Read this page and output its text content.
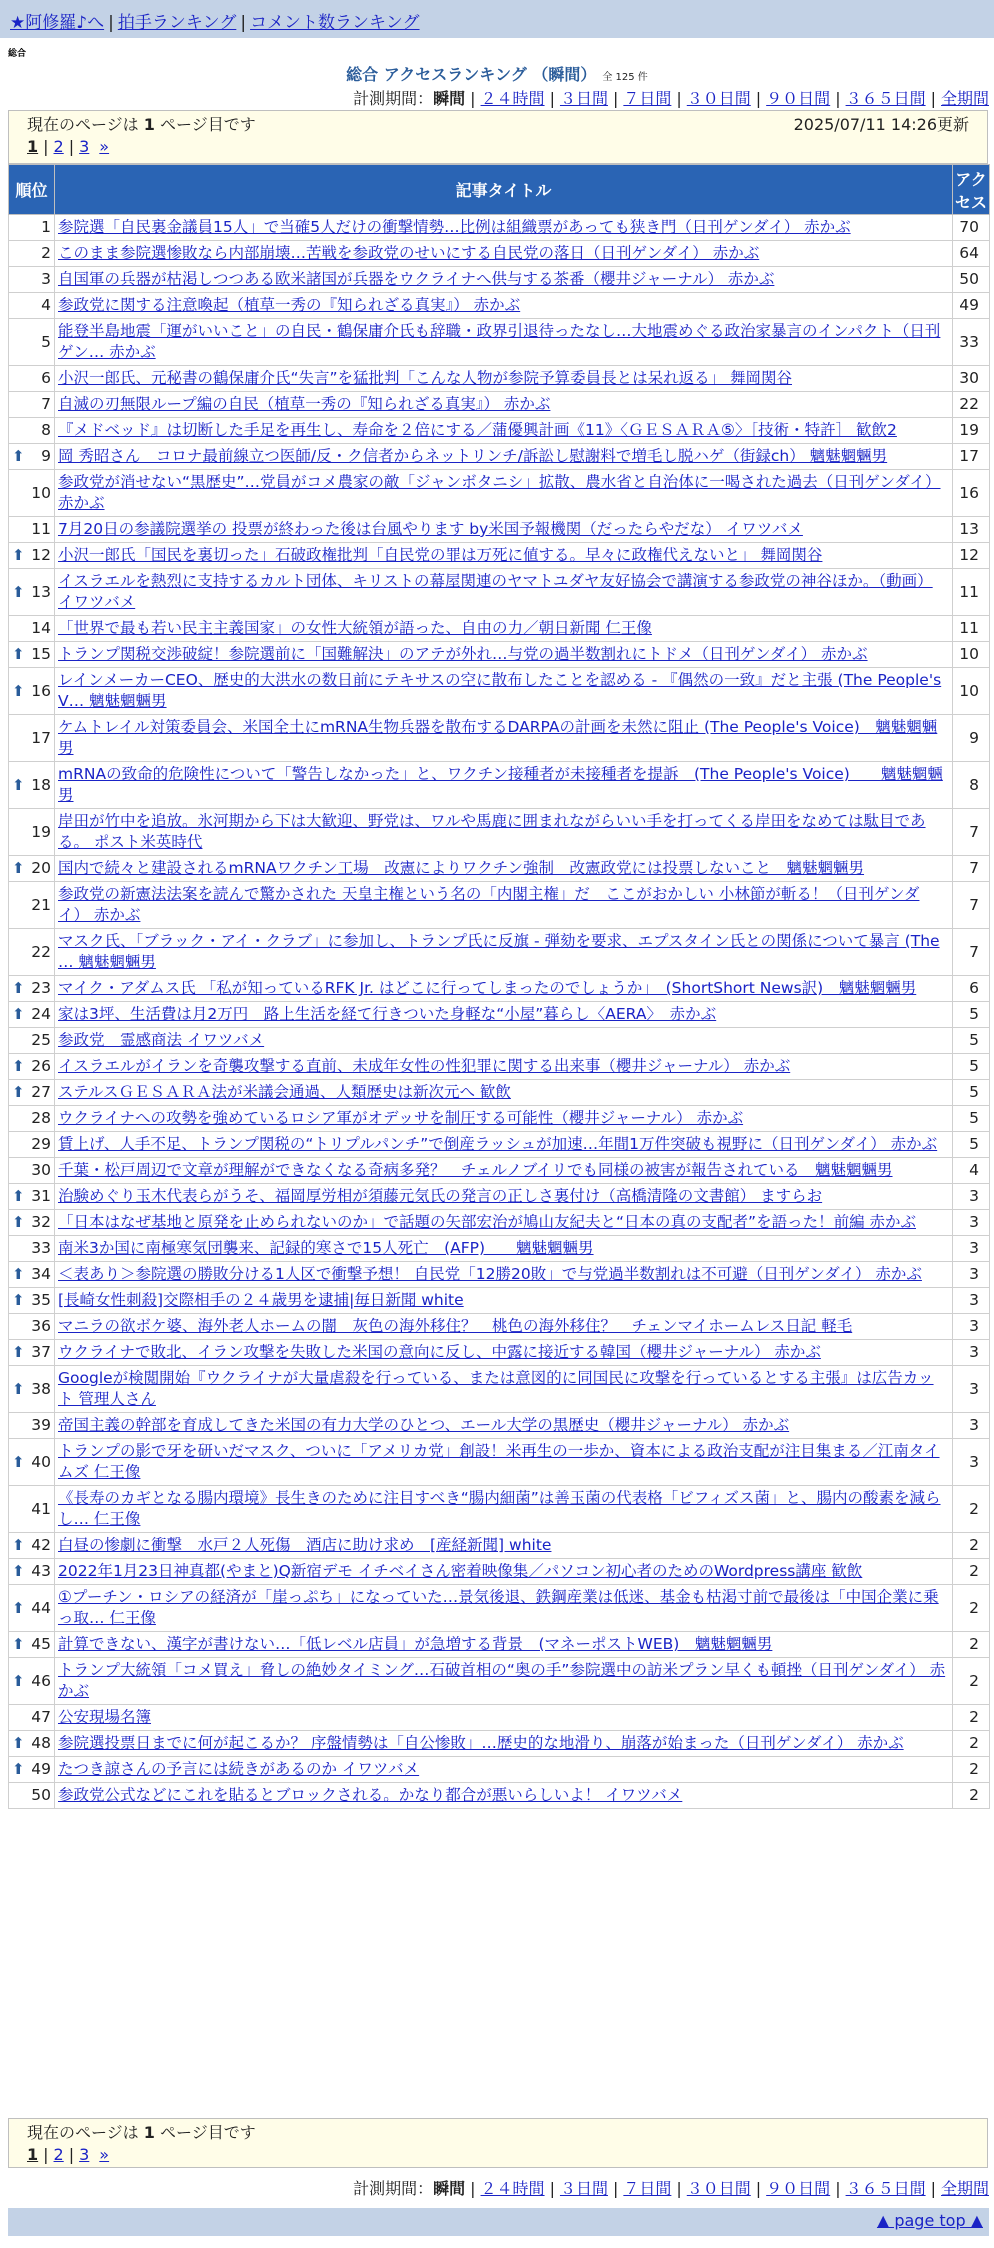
★阿修羅♪へ | 拍手ランキング | コメント数ランキング
総合
総合 アクセスランキング （瞬間） 全 125 件
計測期間：瞬間 | ２４時間 | ３日間 | ７日間 | ３０日間 | ９０日間 | ３６５日間 | 全期間
現在のページは 1 ページ目です	2025/07/11 14:26更新
1 | 2 | 3 »
順位	記事タイトル	アクセス
1	参院選「自民裏金議員15人」で当確5人だけの衝撃情勢…比例は組織票があっても狭き門（日刊ゲンダイ） 赤かぶ	70
2	このまま参院選惨敗なら内部崩壊…苦戦を参政党のせいにする自民党の落日（日刊ゲンダイ） 赤かぶ	64
3	自国軍の兵器が枯渇しつつある欧米諸国が兵器をウクライナへ供与する茶番（櫻井ジャーナル） 赤かぶ	50
4	参政党に関する注意喚起（植草一秀の『知られざる真実』） 赤かぶ	49
5	能登半島地震「運がいいこと」の自民・鶴保庸介氏も辞職・政界引退待ったなし…大地震めぐる政治家暴言のインパクト（日刊ゲン… 赤かぶ	33
6	小沢一郎氏、元秘書の鶴保庸介氏“失言”を猛批判「こんな人物が参院予算委員長とは呆れ返る」 舞岡関谷	30
7	自滅の刃無限ループ編の自民（植草一秀の『知られざる真実』） 赤かぶ	22
8	『メドベッド』は切断した手足を再生し、寿命を２倍にする／蒲優興計画《11》〈ＧＥＳＡＲＡ⑤〉［技術・特許］ 歓飲2	19

⬆ 9	岡 秀昭さん　コロナ最前線立つ医師/反・ク信者からネットリンチ/訴訟し慰謝料で増毛し脱ハゲ（街録ch） 魑魅魍魎男	17
10	参政党が消せない“黒歴史”…党員がコメ農家の敵「ジャンボタニシ」拡散、農水省と自治体に一喝された過去（日刊ゲンダイ） 赤かぶ	16
11	7月20日の参議院選挙の 投票が終わった後は台風やります by米国予報機関（だったらやだな） イワツバメ	13

⬆ 12	小沢一郎氏「国民を裏切った」石破政権批判「自民党の罪は万死に値する。早々に政権代えないと」 舞岡関谷	12

⬆ 13	イスラエルを熱烈に支持するカルト団体、キリストの幕屋関連のヤマトユダヤ友好協会で講演する参政党の神谷ほか。（動画） イワツバメ	11
14	「世界で最も若い民主主義国家」の女性大統領が語った、自由の力／朝日新聞 仁王像	11

⬆ 15	トランプ関税交渉破綻！参院選前に「国難解決」のアテが外れ…与党の過半数割れにトドメ（日刊ゲンダイ） 赤かぶ	10

⬆ 16	レインメーカーCEO、歴史的大洪水の数日前にテキサスの空に散布したことを認める - 『偶然の一致』だと主張 (The People's V… 魑魅魍魎男	10
17	ケムトレイル対策委員会、米国全土にmRNA生物兵器を散布するDARPAの計画を未然に阻止 (The People's Voice)　魑魅魍魎男	9

⬆ 18	mRNAの致命的危険性について「警告しなかった」と、ワクチン接種者が未接種者を提訴　(The People's Voice)　　魑魅魍魎男	8
19	岸田が竹中を追放。氷河期から下は大歓迎、野党は、ワルや馬鹿に囲まれながらいい手を打ってくる岸田をなめては駄目である。 ポスト米英時代	7

⬆ 20	国内で続々と建設されるmRNAワクチン工場　改憲によりワクチン強制　改憲政党には投票しないこと　魑魅魍魎男	7
21	参政党の新憲法法案を読んで驚かされた 天皇主権という名の「内閣主権」だ　ここがおかしい 小林節が斬る！（日刊ゲンダイ） 赤かぶ	7
22	マスク氏、「ブラック・アイ・クラブ」に参加し、トランプ氏に反旗 - 弾劾を要求、エプスタイン氏との関係について暴言 (The … 魑魅魍魎男	7

⬆ 23	マイク・アダムス氏 「私が知っているRFK Jr. はどこに行ってしまったのでしょうか」　(ShortShort News訳)　魑魅魍魎男	6

⬆ 24	家は3坪、生活費は月2万円　路上生活を経て行きついた身軽な“小屋”暮らし〈AERA〉　赤かぶ	5
25	参政党　霊感商法 イワツバメ	5

⬆ 26	イスラエルがイランを奇襲攻撃する直前、未成年女性の性犯罪に関する出来事（櫻井ジャーナル） 赤かぶ	5

⬆ 27	ステルスＧＥＳＡＲＡ法が米議会通過、人類歴史は新次元へ 歓飲	5
28	ウクライナへの攻勢を強めているロシア軍がオデッサを制圧する可能性（櫻井ジャーナル） 赤かぶ	5
29	賃上げ、人手不足、トランプ関税の“トリプルパンチ”で倒産ラッシュが加速…年間1万件突破も視野に（日刊ゲンダイ） 赤かぶ	5
30	千葉・松戸周辺で文章が理解ができなくなる奇病多発？　チェルノブイリでも同様の被害が報告されている　魑魅魍魎男	4

⬆ 31	治験めぐり玉木代表らがうそ、福岡厚労相が須藤元気氏の発言の正しさ裏付け（高橋清隆の文書館） ますらお	3

⬆ 32	「日本はなぜ基地と原発を止められないのか」で話題の矢部宏治が鳩山友紀夫と“日本の真の支配者”を語った！前編 赤かぶ	3
33	南米3か国に南極寒気団襲来、記録的寒さで15人死亡　(AFP)　　魑魅魍魎男	3

⬆ 34	＜表あり＞参院選の勝敗分ける1人区で衝撃予想！ 自民党「12勝20敗」で与党過半数割れは不可避（日刊ゲンダイ） 赤かぶ	3

⬆ 35	[長崎女性刺殺]交際相手の２４歳男を逮捕|毎日新聞 white	3
36	マニラの欲ボケ婆、海外老人ホームの闇　灰色の海外移住？　桃色の海外移住？　チェンマイホームレス日記 軽毛	3

⬆ 37	ウクライナで敗北、イラン攻撃を失敗した米国の意向に反し、中露に接近する韓国（櫻井ジャーナル） 赤かぶ	3

⬆ 38	Googleが検閲開始『ウクライナが大量虐殺を行っている、または意図的に同国民に攻撃を行っているとする主張』は広告カット 管理人さん	3
39	帝国主義の幹部を育成してきた米国の有力大学のひとつ、エール大学の黒歴史（櫻井ジャーナル） 赤かぶ	3

⬆ 40	トランプの影で牙を研いだマスク、ついに「アメリカ党」創設！米再生の一歩か、資本による政治支配が注目集まる／江南タイムズ 仁王像	3
41	《長寿のカギとなる腸内環境》長生きのために注目すべき“腸内細菌”は善玉菌の代表格「ビフィズス菌」と、腸内の酸素を減らし… 仁王像	2

⬆ 42	白昼の惨劇に衝撃　水戸２人死傷　酒店に助け求め　[産経新聞] white	2

⬆ 43	2022年1月23日神真都(やまと)Q新宿デモ イチベイさん密着映像集／パソコン初心者のためのWordpress講座 歓飲	2

⬆ 44	①プーチン・ロシアの経済が「崖っぷち」になっていた…景気後退、鉄鋼産業は低迷、基金も枯渇寸前で最後は「中国企業に乗っ取… 仁王像	2

⬆ 45	計算できない、漢字が書けない…「低レベル店員」が急増する背景　(マネーポストWEB)　魑魅魍魎男	2

⬆ 46	トランプ大統領「コメ買え」脅しの絶妙タイミング…石破首相の“奥の手”参院選中の訪米プラン早くも頓挫（日刊ゲンダイ） 赤かぶ	2
47	公安現場名簿	2

⬆ 48	参院選投票日までに何が起こるか？ 序盤情勢は「自公惨敗」…歴史的な地滑り、崩落が始まった（日刊ゲンダイ） 赤かぶ	2

⬆ 49	たつき諒さんの予言には続きがあるのか イワツバメ	2
50	参政党公式などにこれを貼るとブロックされる。かなり都合が悪いらしいよ！ イワツバメ	2
現在のページは 1 ページ目です
1 | 2 | 3 »
計測期間：瞬間 | ２４時間 | ３日間 | ７日間 | ３０日間 | ９０日間 | ３６５日間 | 全期間
▲ page top ▲
